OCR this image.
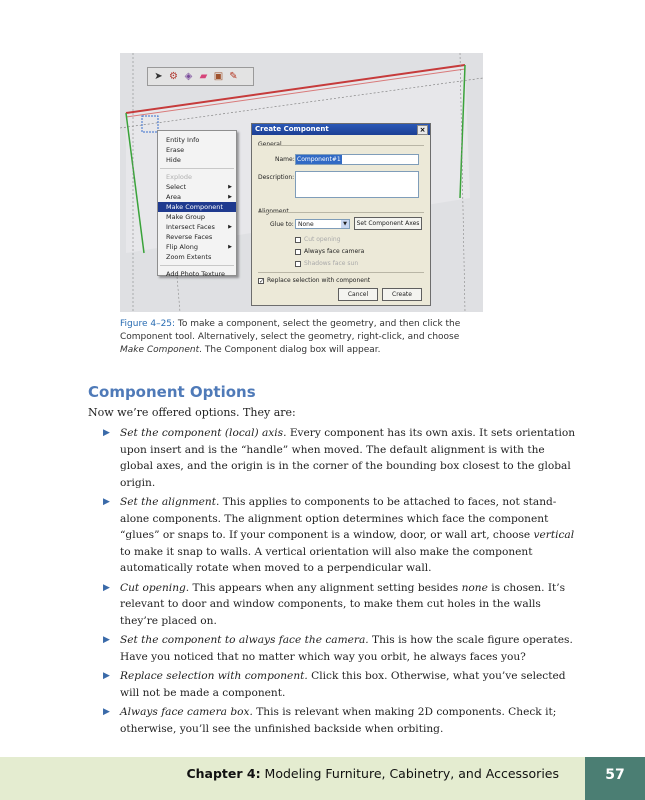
➤ ⚙ ◈ ▰ ▣ ✎
Entity Info
Erase
Hide
Explode
Select	▶
Area	▶
Make Component
Make Group
Intersect Faces	▶
Reverse Faces
Flip Along	▶
Zoom Extents
Add Photo Texture
Create Component	×
Name: Component#1
Description:
Glue to: None	▼	Set Component Axes
Cut opening
Always face camera
Shadows face sun
✓ Replace selection with component
Cancel	Create
Figure 4–25: To make a component, select the geometry, and then click the
Component tool. Alternatively, select the geometry, right-click, and choose
Make Component. The Component dialog box will appear.
Component Options
Now we’re offered options. They are:
▶ Set the component (local) axis. Every component has its own axis. It sets orientation upon insert and is the “handle” when moved. The default alignment is with the global axes, and the origin is in the corner of the bounding box closest to the global origin.
▶ Set the alignment. This applies to components to be attached to faces, not stand-alone components. The alignment option determines which face the component “glues” or snaps to. If your component is a window, door, or wall art, choose vertical to make it snap to walls. A vertical orientation will also make the component automatically rotate when moved to a perpendicular wall.
▶ Cut opening. This appears when any alignment setting besides none is chosen. It’s relevant to door and window components, to make them cut holes in the walls they’re placed on.
▶ Set the component to always face the camera. This is how the scale figure operates. Have you noticed that no matter which way you orbit, he always faces you?
▶ Replace selection with component. Click this box. Otherwise, what you’ve selected will not be made a component.
▶ Always face camera box. This is relevant when making 2D components. Check it; otherwise, you’ll see the unfinished backside when orbiting.
Chapter 4: Modeling Furniture, Cabinetry, and Accessories	57
